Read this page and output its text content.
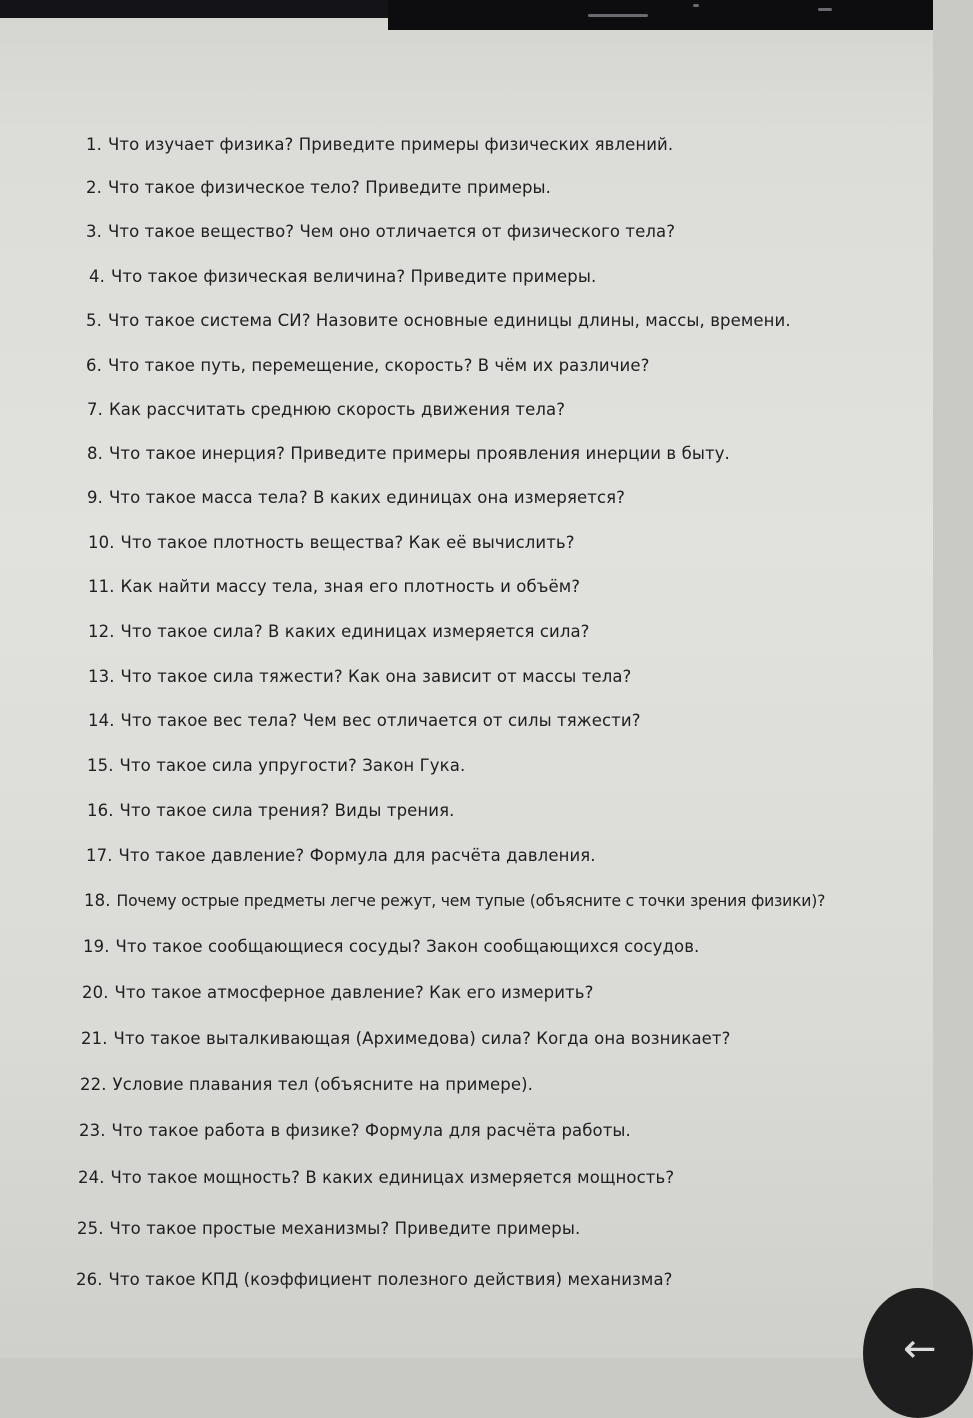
1. Что изучает физика? Приведите примеры физических явлений.
2. Что такое физическое тело? Приведите примеры.
3. Что такое вещество? Чем оно отличается от физического тела?
4. Что такое физическая величина? Приведите примеры.
5. Что такое система СИ? Назовите основные единицы длины, массы, времени.
6. Что такое путь, перемещение, скорость? В чём их различие?
7. Как рассчитать среднюю скорость движения тела?
8. Что такое инерция? Приведите примеры проявления инерции в быту.
9. Что такое масса тела? В каких единицах она измеряется?
10. Что такое плотность вещества? Как её вычислить?
11. Как найти массу тела, зная его плотность и объём?
12. Что такое сила? В каких единицах измеряется сила?
13. Что такое сила тяжести? Как она зависит от массы тела?
14. Что такое вес тела? Чем вес отличается от силы тяжести?
15. Что такое сила упругости? Закон Гука.
16. Что такое сила трения? Виды трения.
17. Что такое давление? Формула для расчёта давления.
18. Почему острые предметы легче режут, чем тупые (объясните с точки зрения физики)?
19. Что такое сообщающиеся сосуды? Закон сообщающихся сосудов.
20. Что такое атмосферное давление? Как его измерить?
21. Что такое выталкивающая (Архимедова) сила? Когда она возникает?
22. Условие плавания тел (объясните на примере).
23. Что такое работа в физике? Формула для расчёта работы.
24. Что такое мощность? В каких единицах измеряется мощность?
25. Что такое простые механизмы? Приведите примеры.
26. Что такое КПД (коэффициент полезного действия) механизма?
←
